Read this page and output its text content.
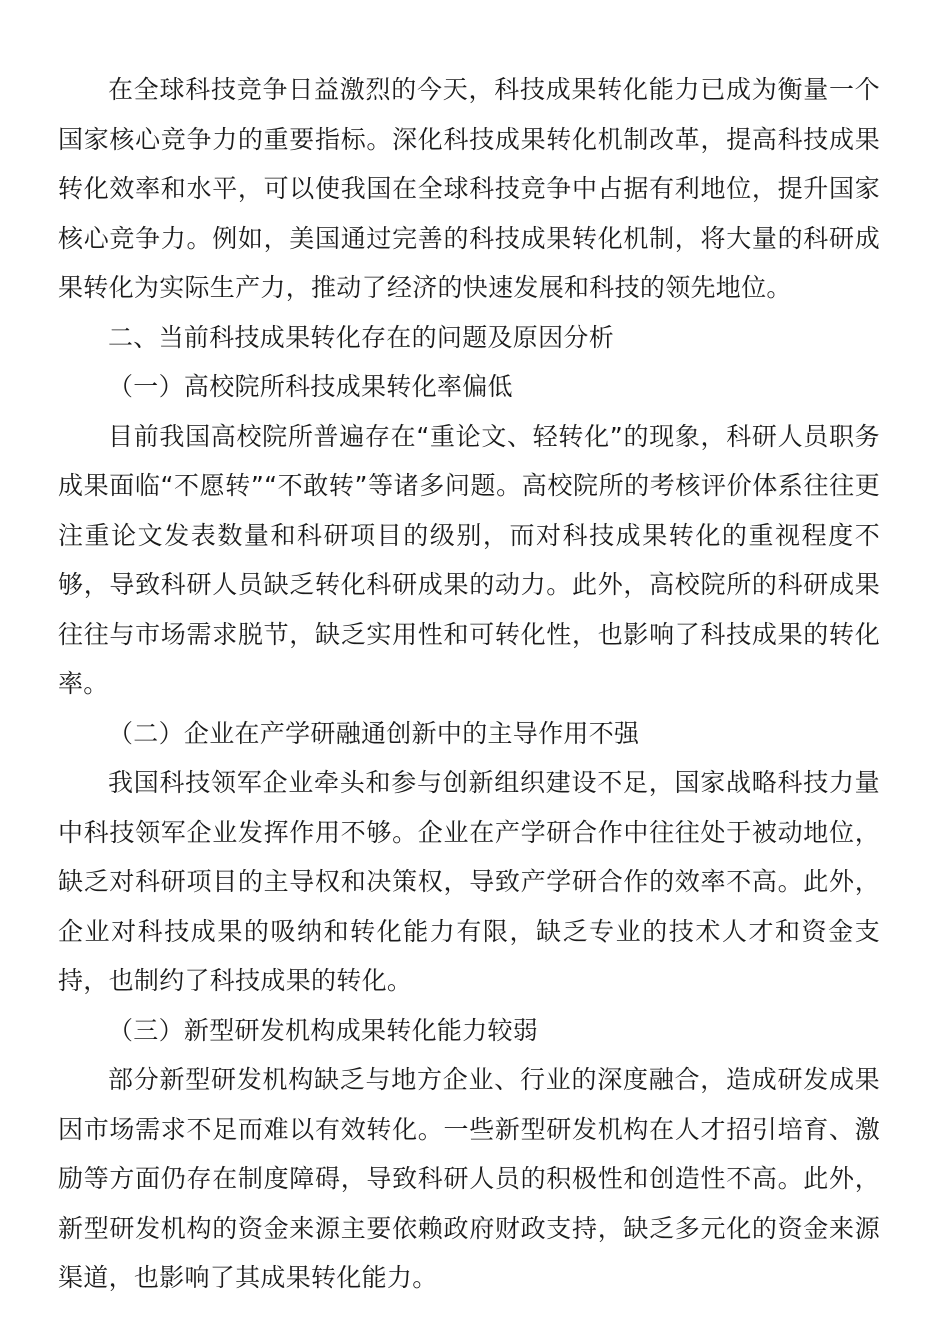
在全球科技竞争日益激烈的今天，科技成果转化能力已成为衡量一个国家核心竞争力的重要指标。深化科技成果转化机制改革，提高科技成果转化效率和水平，可以使我国在全球科技竞争中占据有利地位，提升国家核心竞争力。例如，美国通过完善的科技成果转化机制，将大量的科研成果转化为实际生产力，推动了经济的快速发展和科技的领先地位。

二、当前科技成果转化存在的问题及原因分析

（一）高校院所科技成果转化率偏低

目前我国高校院所普遍存在“重论文、轻转化”的现象，科研人员职务成果面临“不愿转”“不敢转”等诸多问题。高校院所的考核评价体系往往更注重论文发表数量和科研项目的级别，而对科技成果转化的重视程度不够，导致科研人员缺乏转化科研成果的动力。此外，高校院所的科研成果往往与市场需求脱节，缺乏实用性和可转化性，也影响了科技成果的转化率。

（二）企业在产学研融通创新中的主导作用不强

我国科技领军企业牵头和参与创新组织建设不足，国家战略科技力量中科技领军企业发挥作用不够。企业在产学研合作中往往处于被动地位，缺乏对科研项目的主导权和决策权，导致产学研合作的效率不高。此外，企业对科技成果的吸纳和转化能力有限，缺乏专业的技术人才和资金支持，也制约了科技成果的转化。

（三）新型研发机构成果转化能力较弱

部分新型研发机构缺乏与地方企业、行业的深度融合，造成研发成果因市场需求不足而难以有效转化。一些新型研发机构在人才招引培育、激励等方面仍存在制度障碍，导致科研人员的积极性和创造性不高。此外，新型研发机构的资金来源主要依赖政府财政支持，缺乏多元化的资金来源渠道，也影响了其成果转化能力。
